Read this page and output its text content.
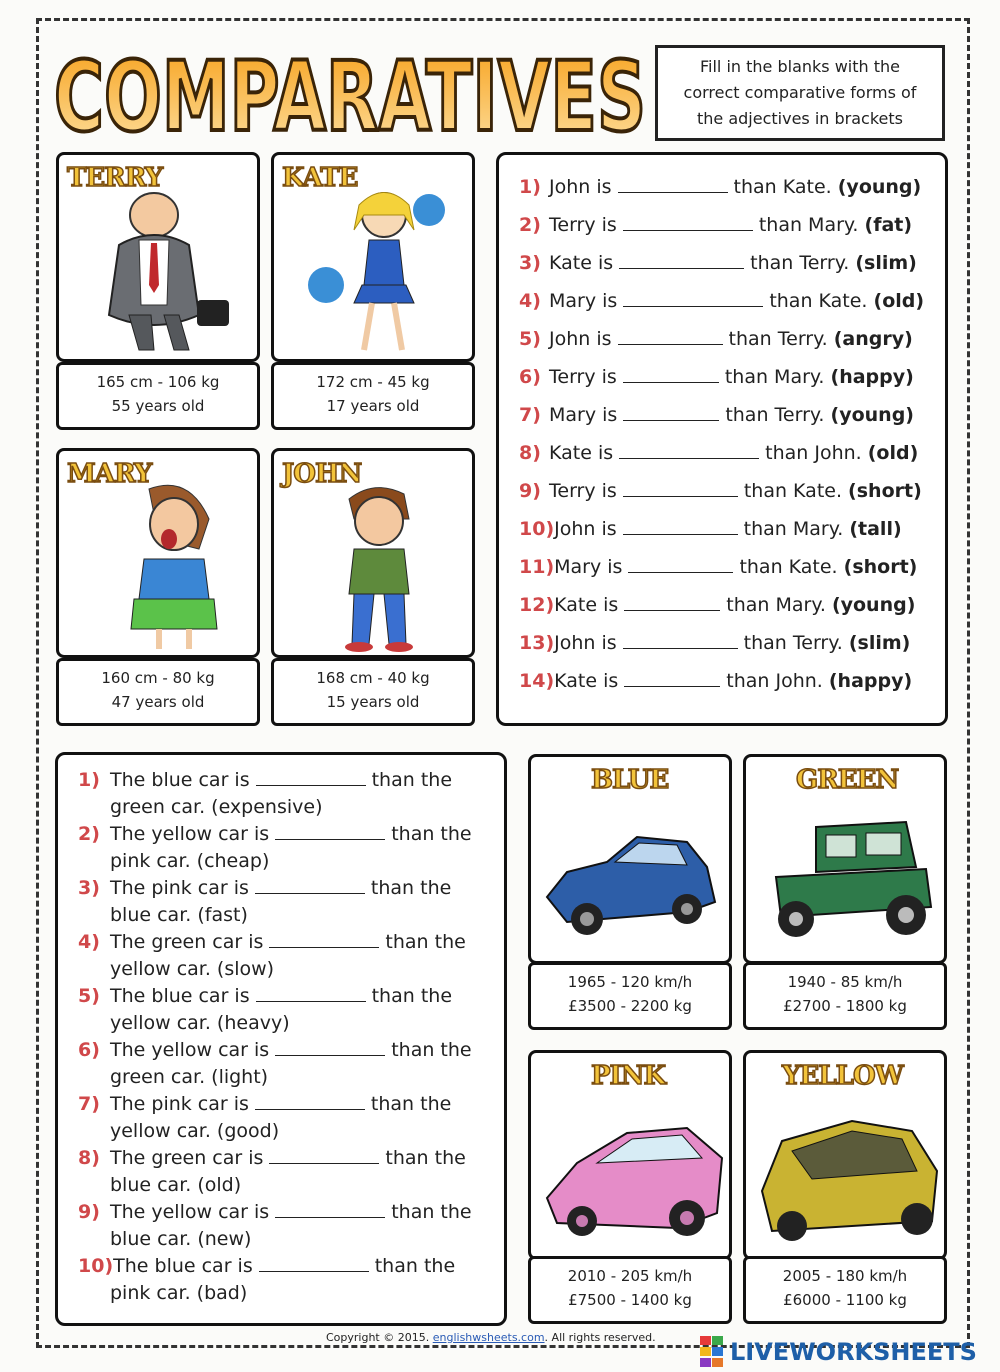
COMPARATIVES	Fill in the blanks with the
correct comparative forms of
the adjectives in brackets
TERRY
165 cm - 106 kg
55 years old
KATE
172 cm - 45 kg
17 years old
MARY
160 cm - 80 kg
47 years old
JOHN
168 cm - 40 kg
15 years old
1) John is	than Kate. (young)
2) Terry is	than Mary. (fat)
3) Kate is	than Terry. (slim)
4) Mary is	than Kate. (old)
5) John is	than Terry. (angry)
6) Terry is	than Mary. (happy)
7) Mary is	than Terry. (young)
8) Kate is	than John. (old)
9) Terry is	than Kate. (short)
10)John is	than Mary. (tall)
11)Mary is	than Kate. (short)
12)Kate is	than Mary. (young)
13)John is	than Terry. (slim)
14)Kate is	than John. (happy)
1) The blue car is	than the
green car. (expensive)
2) The yellow car is	than the
pink car. (cheap)
3) The pink car is	than the
blue car. (fast)
4) The green car is	than the
yellow car. (slow)
5) The blue car is	than the
yellow car. (heavy)
6) The yellow car is	than the
green car. (light)
7) The pink car is	than the
yellow car. (good)
8) The green car is	than the
blue car. (old)
9) The yellow car is	than the
blue car. (new)
10)The blue car is	than the
pink car. (bad)
BLUE
1965 - 120 km/h
£3500 - 2200 kg
GREEN
1940 - 85 km/h
£2700 - 1800 kg
PINK
2010 - 205 km/h
£7500 - 1400 kg
YELLOW
2005 - 180 km/h
£6000 - 1100 kg
Copyright © 2015. englishwsheets.com. All rights reserved.
LIVEWORKSHEETS
